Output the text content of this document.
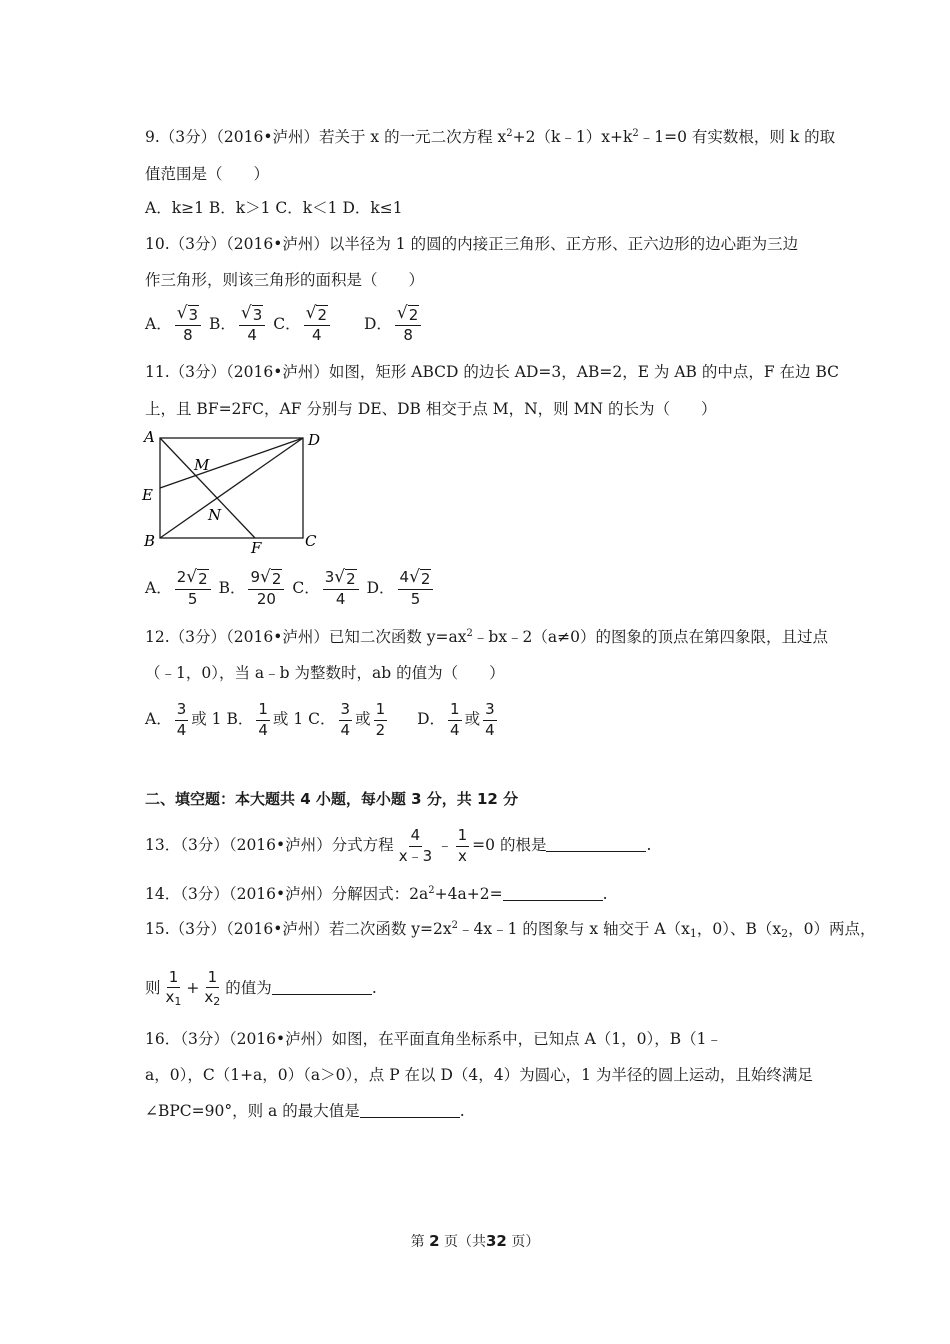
9.（3分）（2016•泸州）若关于 x 的一元二次方程 $x^2+2(k﹣1)x+k^2﹣1=0$ 有实数根，则 k 的取
值范围是（　　）
A．k≥1 B．k＞1 C．k＜1 D．k≤1
10.（3分）（2016•泸州）以半径为 1 的圆的内接正三角形、正方形、正六边形的边心距为三边
作三角形，则该三角形的面积是（　　）
A． $\frac{√ 3}{8}$ B． $\frac{√ 3}{4}$ C． $\frac{√ 2}{4}$ D． $\frac{√ 2}{8}$
11.（3分）（2016•泸州）如图，矩形 ABCD 的边长 AD=3，AB=2，E 为 AB 的中点，F 在边 BC
上，且 BF=2FC，AF 分别与 DE、DB 相交于点 M，N，则 MN 的长为（　　）
A	D
E
B	C
F
M
N
A． $\frac{2 √ 2}{5}$ B． $\frac{9 √ 2}{20}$ C． $\frac{3 √ 2}{4}$ D． $\frac{4 √ 2}{5}$
12.（3分）（2016•泸州）已知二次函数 $y=ax^2﹣bx﹣2(a\ne 0)$的图象的顶点在第四象限，且过点
（﹣1，0），当 a﹣b 为整数时，ab 的值为（　　）
A． $\frac{3}{4}$ 或 1 B． $\frac{1}{4}$ 或 1 C． $\frac{3}{4}$ 或 $\frac{1}{2}$ D． $\frac{1}{4}$ 或 $\frac{3}{4}$
二、填空题：本大题共 4 小题，每小题 3 分，共 12 分
13．（3分）（2016•泸州）分式方程 $\frac{4}{x﹣3}$ ﹣ $\frac{1}{x} =0$ 的根是	.
14．（3分）（2016•泸州）分解因式：$2a^2+4a+2=$	.
15.（3分）（2016•泸州）若二次函数 $y=2x^2﹣4x﹣1$ 的图象与 x 轴交于 $A(x_1$，0）、$B(x_2$，0）两点，
则 $\frac{1}{x_1} + \frac{1}{x_2}$ 的值为	.
16．（3分）（2016•泸州）如图，在平面直角坐标系中，已知点 A（1，0），B（1﹣
a，0），C（1+a，0）（a＞0），点 P 在以 D（4，4）为圆心，1 为半径的圆上运动，且始终满足
∠BPC=90°，则 a 的最大值是	.
第 2 页（共32 页）
